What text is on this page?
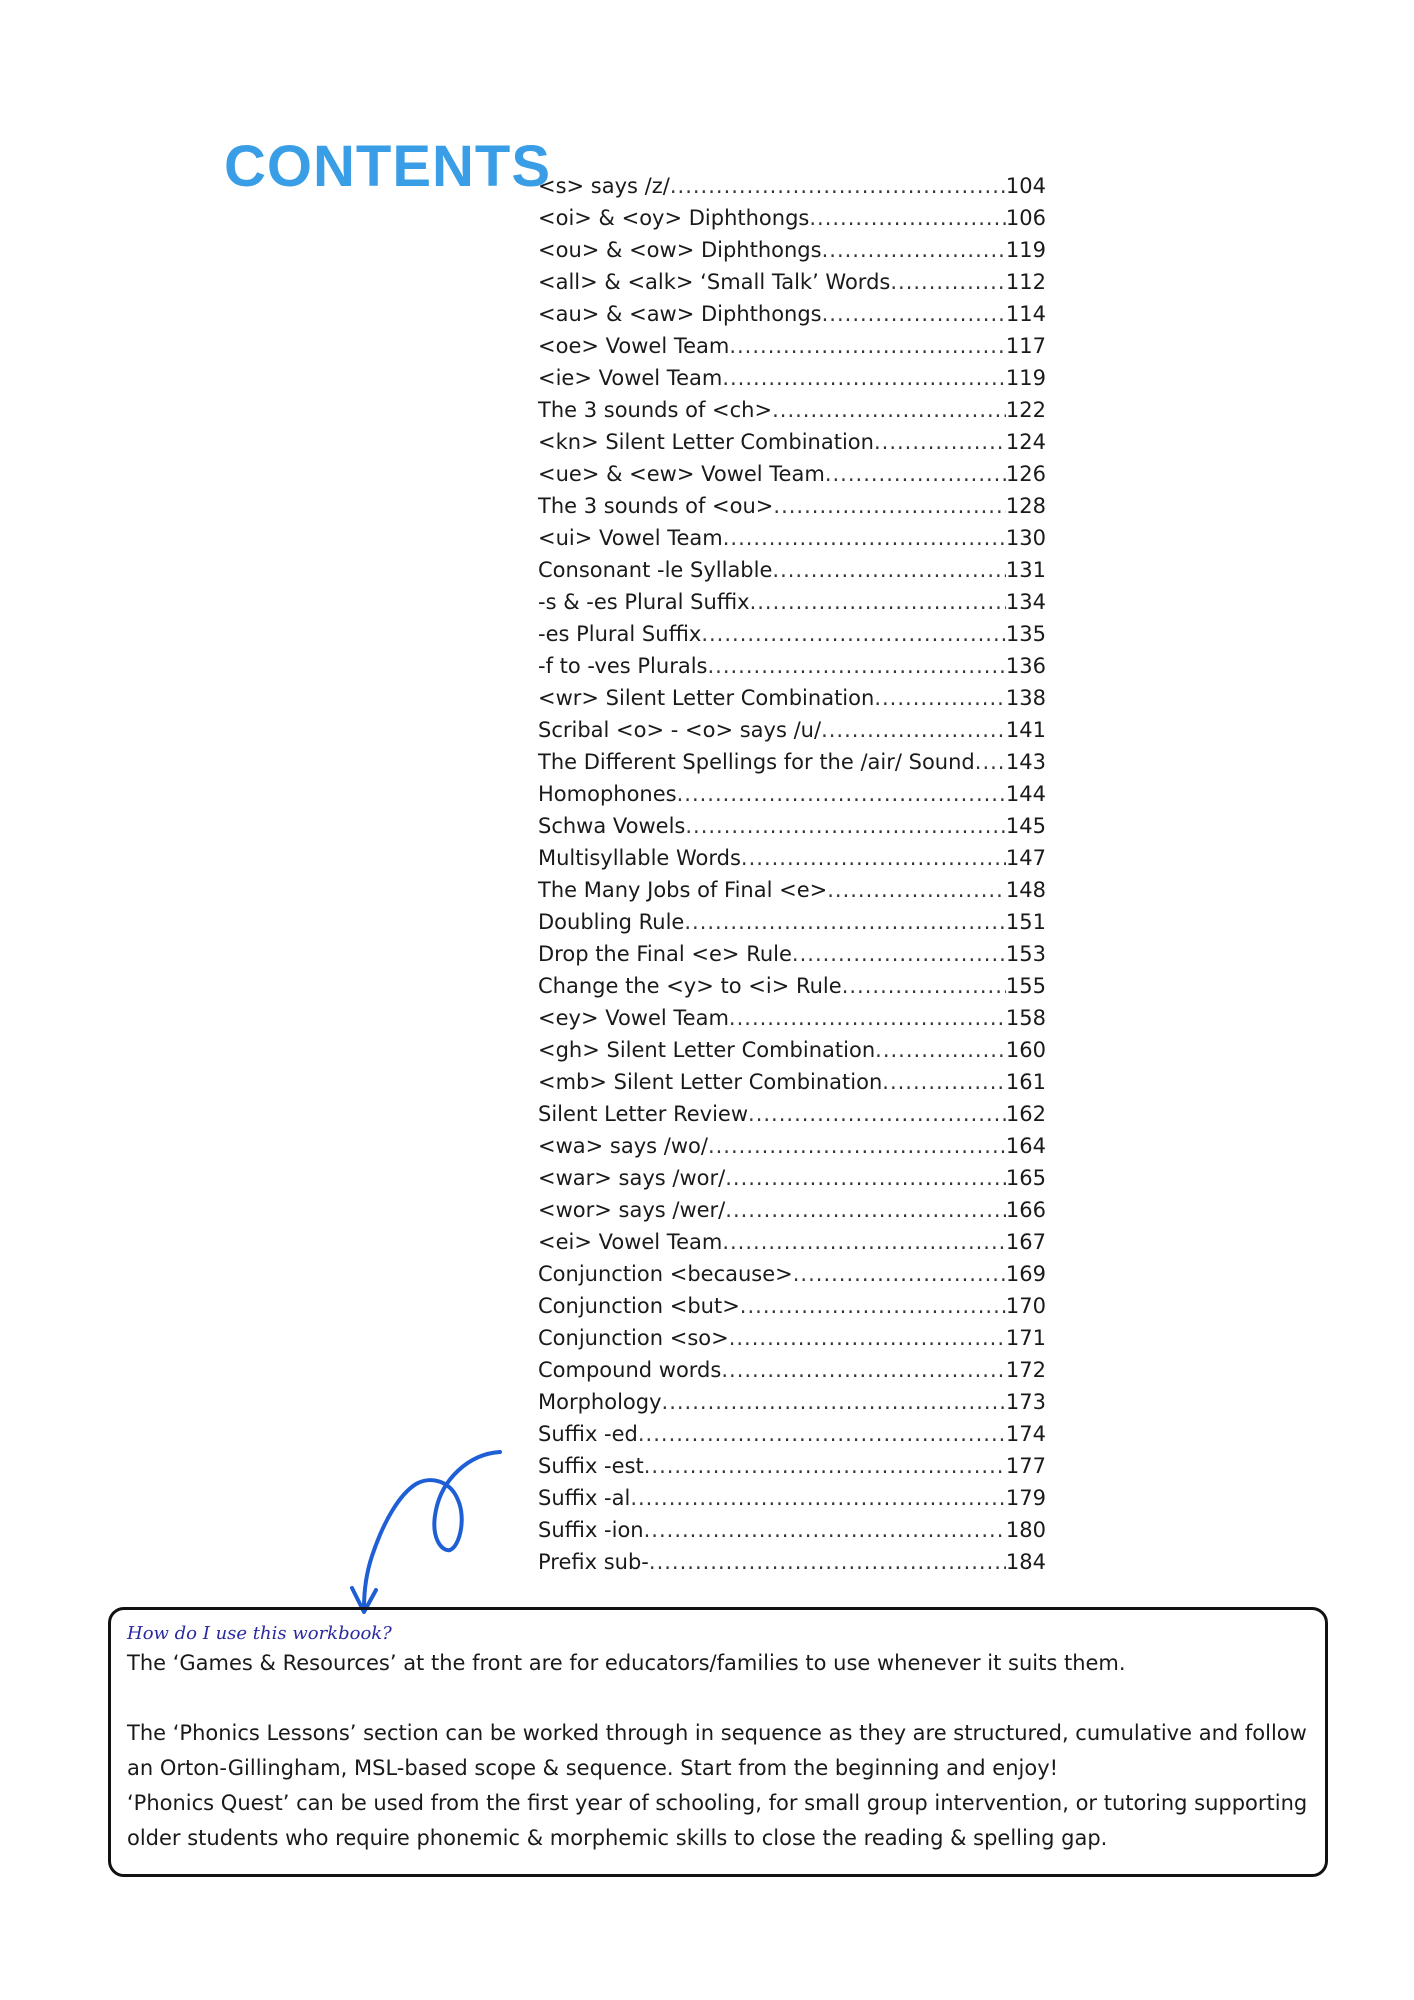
CONTENTS
<s> says /z/ .....	104
<oi> & <oy> Diphthongs .....	106
<ou> & <ow> Diphthongs .....	119
<all> & <alk> ‘Small Talk’ Words .....	112
<au> & <aw> Diphthongs .....	114
<oe> Vowel Team .....	117
<ie> Vowel Team .....	119
The 3 sounds of <ch> .....	122
<kn> Silent Letter Combination .....	124
<ue> & <ew> Vowel Team .....	126
The 3 sounds of <ou> .....	128
<ui> Vowel Team .....	130
Consonant -le Syllable .....	131
-s & -es Plural Suffix .....	134
-es Plural Suffix .....	135
-f to -ves Plurals .....	136
<wr> Silent Letter Combination .....	138
Scribal <o> - <o> says /u/ .....	141
The Different Spellings for the /air/ Sound ..... 143
Homophones .....	144
Schwa Vowels .....	145
Multisyllable Words .....	147
The Many Jobs of Final <e> .....	148
Doubling Rule .....	151
Drop the Final <e> Rule .....	153
Change the <y> to <i> Rule .....	155
<ey> Vowel Team .....	158
<gh> Silent Letter Combination .....	160
<mb> Silent Letter Combination .....	161
Silent Letter Review .....	162
<wa> says /wo/ .....	164
<war> says /wor/ .....	165
<wor> says /wer/ .....	166
<ei> Vowel Team .....	167
Conjunction <because> .....	169
Conjunction <but> .....	170
Conjunction <so> .....	171
Compound words .....	172
Morphology .....	173
Suffix -ed .....	174
Suffix -est .....	177
Suffix -al .....	179
Suffix -ion .....	180
Prefix sub- .....	184
How do I use this workbook?

The ‘Games & Resources’ at the front are for educators/families to use whenever it suits them.

The ‘Phonics Lessons’ section can be worked through in sequence as they are structured, cumulative and follow

an Orton-Gillingham, MSL-based scope & sequence. Start from the beginning and enjoy!

‘Phonics Quest’ can be used from the first year of schooling, for small group intervention, or tutoring supporting

older students who require phonemic & morphemic skills to close the reading & spelling gap.
